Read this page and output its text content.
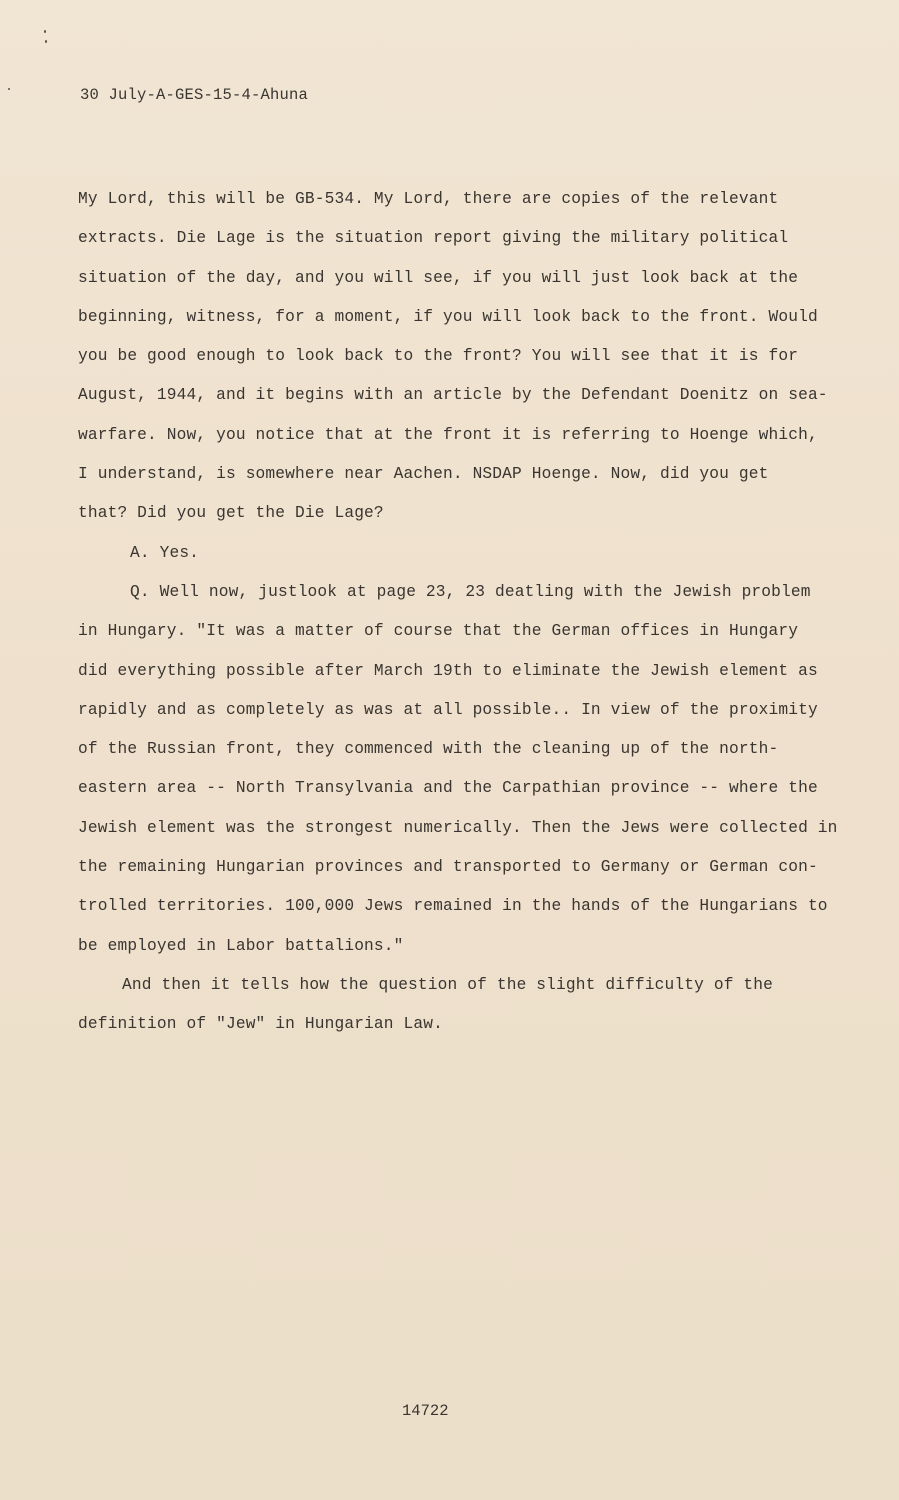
30 July-A-GES-15-4-Ahuna

My Lord, this will be GB-534. My Lord, there are copies of the relevant
extracts. Die Lage is the situation report giving the military political
situation of the day, and you will see, if you will just look back at the
beginning, witness, for a moment, if you will look back to the front. Would
you be good enough to look back to the front? You will see that it is for
August, 1944, and it begins with an article by the Defendant Doenitz on sea-
warfare. Now, you notice that at the front it is referring to Hoenge which,
I understand, is somewhere near Aachen. NSDAP Hoenge. Now, did you get
that? Did you get the Die Lage?

A. Yes.

Q. Well now, justlook at page 23, 23 deatling with the Jewish problem
in Hungary. "It was a matter of course that the German offices in Hungary
did everything possible after March 19th to eliminate the Jewish element as
rapidly and as completely as was at all possible.. In view of the proximity
of the Russian front, they commenced with the cleaning up of the north-
eastern area -- North Transylvania and the Carpathian province -- where the
Jewish element was the strongest numerically. Then the Jews were collected in
the remaining Hungarian provinces and transported to Germany or German con-
trolled territories. 100,000 Jews remained in the hands of the Hungarians to
be employed in Labor battalions."

And then it tells how the question of the slight difficulty of the
definition of "Jew" in Hungarian Law.

14722
